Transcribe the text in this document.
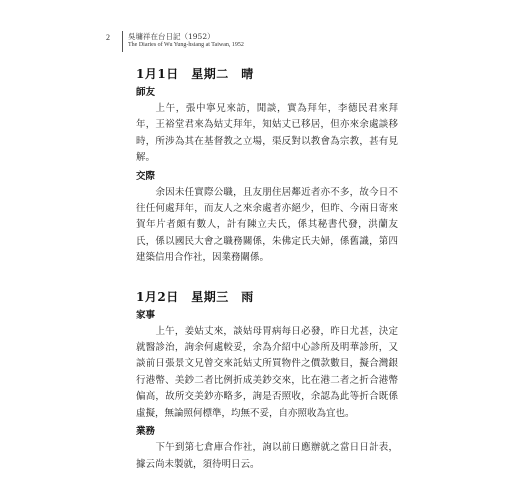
2 吳墉祥在台日記（1952）
The Diaries of Wu Yung-hsiang at Taiwan, 1952
1月1日　星期二　晴
師友

上午，張中寧兄來訪，閒談，實為拜年，李德民君來拜年，王裕堂君來為姑丈拜年，知姑丈已移居，但亦來余處談移時，所涉為其在基督教之立場，渠反對以教會為宗教，甚有見解。

交際

余因未任實際公職，且友朋住居鄰近者亦不多，故今日不往任何處拜年，而友人之來余處者亦絕少，但昨、今兩日寄來賀年片者頗有數人，計有陳立夫氏，係其秘書代發，洪蘭友氏，係以國民大會之職務關係，朱佛定氏夫婦，係舊識，第四建築信用合作社，因業務關係。

1月2日　星期三　雨
家事

上午，姜姑丈來，談姑母胃病每日必發，昨日尤甚，決定就醫診治，詢余何處較妥，余為介紹中心診所及明華診所，又談前日張景文兄曾交來託姑丈所買物件之價款數目，擬合灣銀行港幣、美鈔二者比例折成美鈔交來，比在港二者之折合港幣偏高，故所交美鈔亦略多，詢是否照收，余認為此等折合既係虛擬，無論照何標準，均無不妥，自亦照收為宜也。

業務

下午到第七倉庫合作社，詢以前日應辦就之當日日計表，據云尚未製就，須待明日云。
